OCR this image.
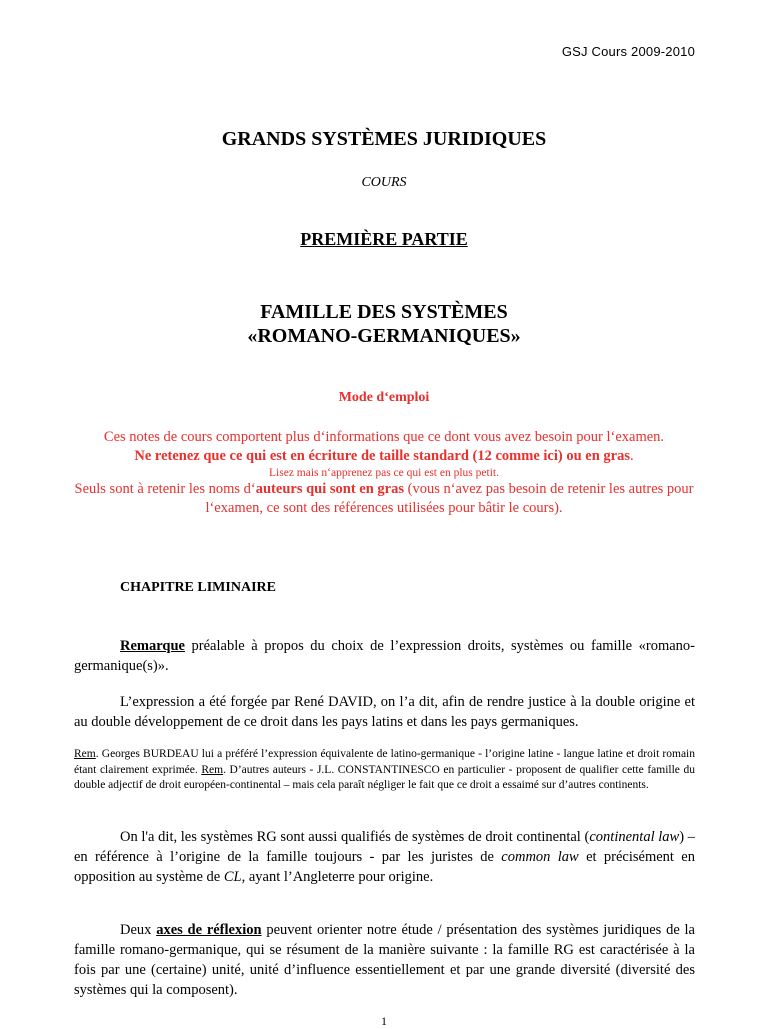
GSJ Cours 2009-2010
GRANDS SYSTÈMES JURIDIQUES
COURS
PREMIÈRE PARTIE
FAMILLE DES SYSTÈMES
«ROMANO-GERMANIQUES»
Mode d‘emploi
Ces notes de cours comportent plus d‘informations que ce dont vous avez besoin pour l‘examen.
Ne retenez que ce qui est en écriture de taille standard (12 comme ici) ou en gras.
Lisez mais n‘apprenez pas ce qui est en plus petit.
Seuls sont à retenir les noms d‘auteurs qui sont en gras (vous n‘avez pas besoin de retenir les autres pour l‘examen, ce sont des références utilisées pour bâtir le cours).
CHAPITRE LIMINAIRE
Remarque préalable à propos du choix de l’expression droits, systèmes ou famille «romano-germanique(s)».
L’expression a été forgée par René DAVID, on l’a dit, afin de rendre justice à la double origine et au double développement de ce droit dans les pays latins et dans les pays germaniques.
Rem. Georges BURDEAU lui a préféré l’expression équivalente de latino-germanique - l’origine latine - langue latine et droit romain étant clairement exprimée. Rem. D’autres auteurs - J.L. CONSTANTINESCO en particulier - proposent de qualifier cette famille du double adjectif de droit européen-continental – mais cela paraît négliger le fait que ce droit a essaimé sur d’autres continents.
On l'a dit, les systèmes RG sont aussi qualifiés de systèmes de droit continental (continental law) – en référence à l’origine de la famille toujours - par les juristes de common law et précisément en opposition au système de CL, ayant l’Angleterre pour origine.
Deux axes de réflexion peuvent orienter notre étude / présentation des systèmes juridiques de la famille romano-germanique, qui se résument de la manière suivante : la famille RG est caractérisée à la fois par une (certaine) unité, unité d’influence essentiellement et par une grande diversité (diversité des systèmes qui la composent).
1
